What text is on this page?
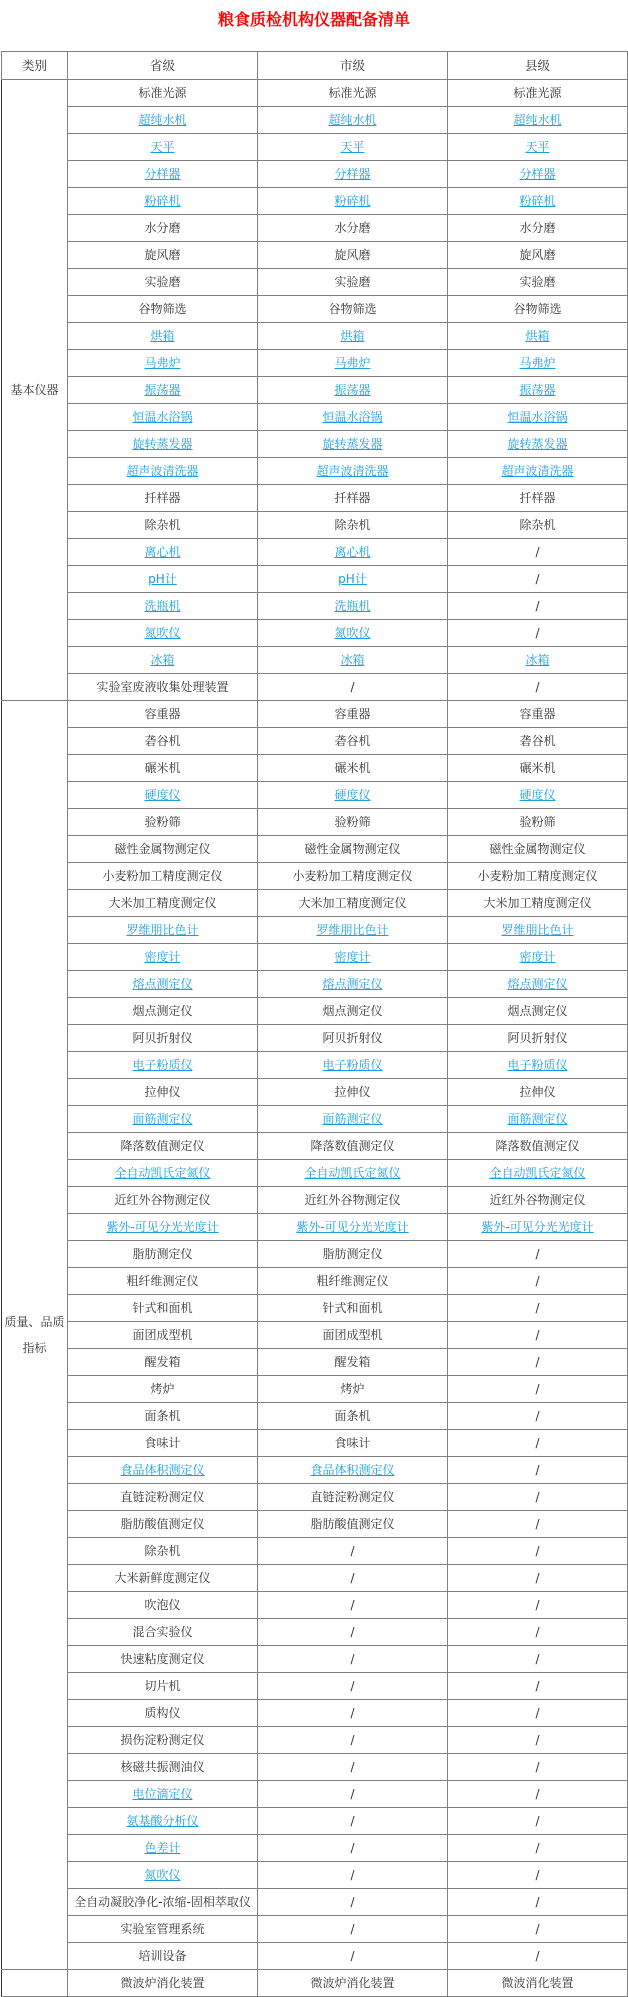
粮食质检机构仪器配备清单
类别	省级	市级	县级
基本仪器	标准光源	标准光源	标准光源
	超纯水机	超纯水机	超纯水机
	天平	天平	天平
	分样器	分样器	分样器
	粉碎机	粉碎机	粉碎机
	水分磨	水分磨	水分磨
	旋风磨	旋风磨	旋风磨
	实验磨	实验磨	实验磨
	谷物筛选	谷物筛选	谷物筛选
	烘箱	烘箱	烘箱
	马弗炉	马弗炉	马弗炉
	振荡器	振荡器	振荡器
	恒温水浴锅	恒温水浴锅	恒温水浴锅
	旋转蒸发器	旋转蒸发器	旋转蒸发器
	超声波清洗器	超声波清洗器	超声波清洗器
	扦样器	扦样器	扦样器
	除杂机	除杂机	除杂机
	离心机	离心机	/
	pH计	pH计	/
	洗瓶机	洗瓶机	/
	氮吹仪	氮吹仪	/
	冰箱	冰箱	冰箱
	实验室废液收集处理装置	/	/
质量、品质指标	容重器	容重器	容重器
	砻谷机	砻谷机	砻谷机
	碾米机	碾米机	碾米机
	硬度仪	硬度仪	硬度仪
	验粉筛	验粉筛	验粉筛
	磁性金属物测定仪	磁性金属物测定仪	磁性金属物测定仪
	小麦粉加工精度测定仪	小麦粉加工精度测定仪	小麦粉加工精度测定仪
	大米加工精度测定仪	大米加工精度测定仪	大米加工精度测定仪
	罗维朋比色计	罗维朋比色计	罗维朋比色计
	密度计	密度计	密度计
	熔点测定仪	熔点测定仪	熔点测定仪
	烟点测定仪	烟点测定仪	烟点测定仪
	阿贝折射仪	阿贝折射仪	阿贝折射仪
	电子粉质仪	电子粉质仪	电子粉质仪
	拉伸仪	拉伸仪	拉伸仪
	面筋测定仪	面筋测定仪	面筋测定仪
	降落数值测定仪	降落数值测定仪	降落数值测定仪
	全自动凯氏定氮仪	全自动凯氏定氮仪	全自动凯氏定氮仪
	近红外谷物测定仪	近红外谷物测定仪	近红外谷物测定仪
	紫外-可见分光光度计	紫外-可见分光光度计	紫外-可见分光光度计
	脂肪测定仪	脂肪测定仪	/
	粗纤维测定仪	粗纤维测定仪	/
	针式和面机	针式和面机	/
	面团成型机	面团成型机	/
	醒发箱	醒发箱	/
	烤炉	烤炉	/
	面条机	面条机	/
	食味计	食味计	/
	食品体积测定仪	食品体积测定仪	/
	直链淀粉测定仪	直链淀粉测定仪	/
	脂肪酸值测定仪	脂肪酸值测定仪	/
	除杂机	/	/
	大米新鲜度测定仪	/	/
	吹泡仪	/	/
	混合实验仪	/	/
	快速粘度测定仪	/	/
	切片机	/	/
	质构仪	/	/
	损伤淀粉测定仪	/	/
	核磁共振测油仪	/	/
	电位滴定仪	/	/
	氨基酸分析仪	/	/
	色差计	/	/
	氮吹仪	/	/
	全自动凝胶净化-浓缩-固相萃取仪	/	/
	实验室管理系统	/	/
	培训设备	/	/
	微波炉消化装置	微波炉消化装置	微波消化装置
